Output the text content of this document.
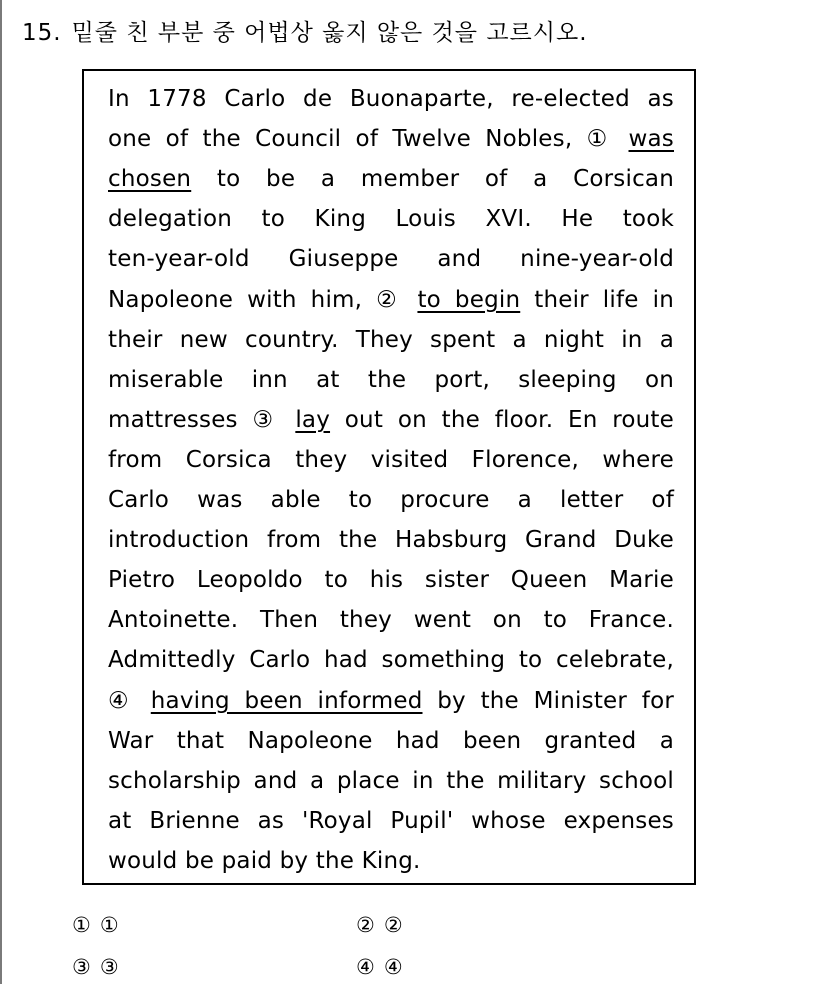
15. 밑줄 친 부분 중 어법상 옳지 않은 것을 고르시오.
In 1778 Carlo de Buonaparte, re-elected as
one of the Council of Twelve Nobles, ① was
chosen to be a member of a Corsican
delegation to King Louis XVI. He took
ten-year-old Giuseppe and nine-year-old
Napoleone with him, ② to begin their life in
their new country. They spent a night in a
miserable inn at the port, sleeping on
mattresses ③ lay out on the floor. En route
from Corsica they visited Florence, where
Carlo was able to procure a letter of
introduction from the Habsburg Grand Duke
Pietro Leopoldo to his sister Queen Marie
Antoinette. Then they went on to France.
Admittedly Carlo had something to celebrate,
④ having been informed by the Minister for
War that Napoleone had been granted a
scholarship and a place in the military school
at Brienne as 'Royal Pupil' whose expenses
would be paid by the King.
① ①	② ②
③ ③	④ ④
